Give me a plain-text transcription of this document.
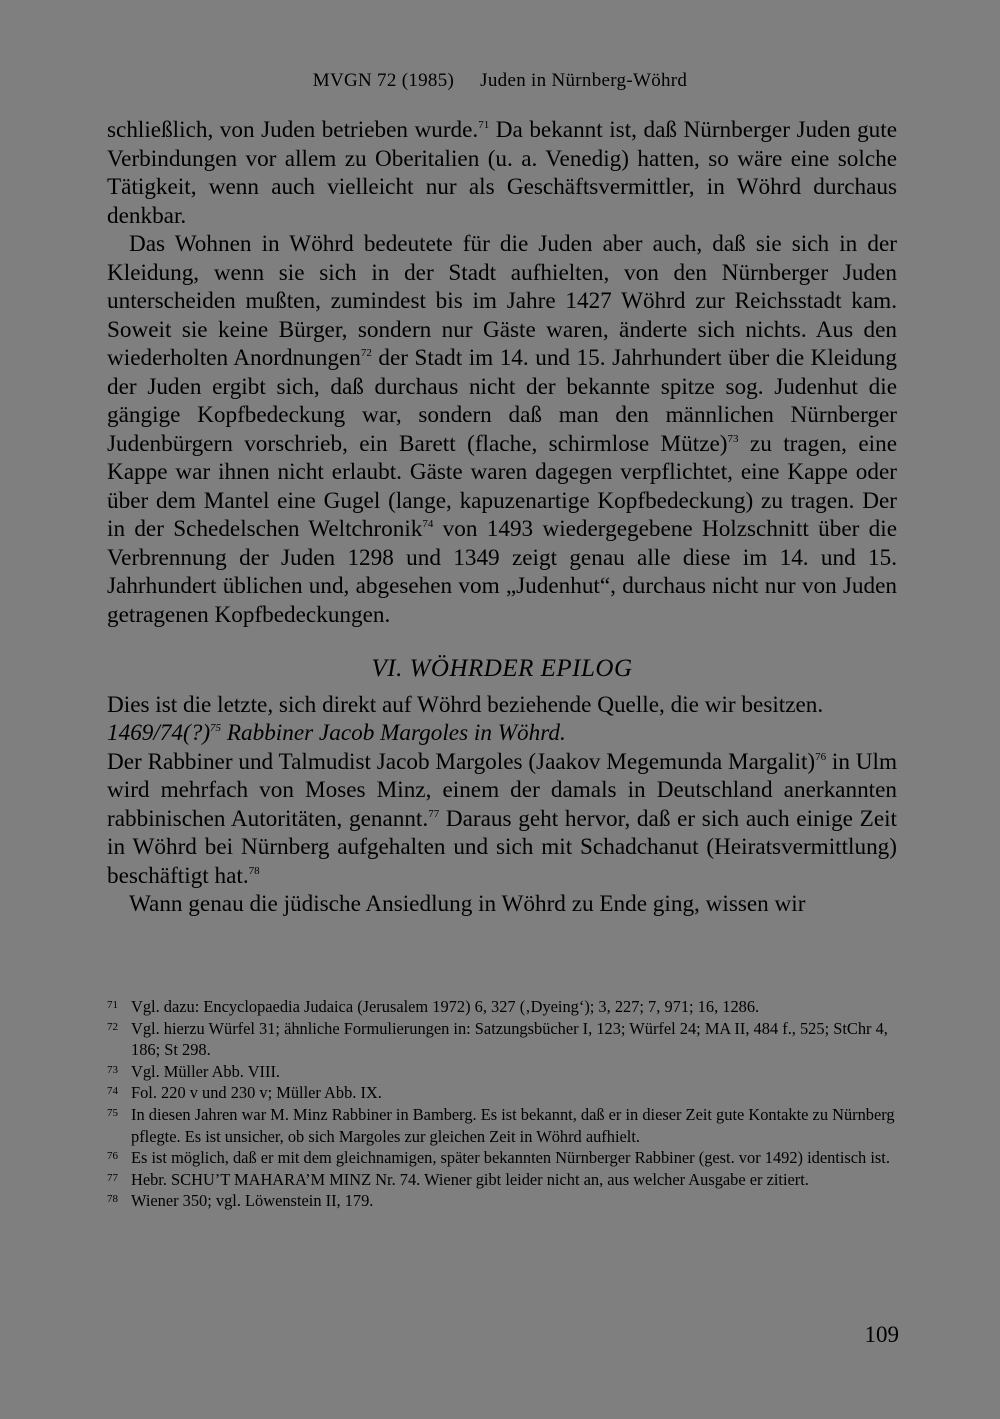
MVGN 72 (1985) Juden in Nürnberg-Wöhrd

schließlich, von Juden betrieben wurde.$^{71}$ Da bekannt ist, daß Nürnberger Juden gute Verbindungen vor allem zu Oberitalien (u. a. Venedig) hatten, so wäre eine solche Tätigkeit, wenn auch vielleicht nur als Geschäftsvermittler, in Wöhrd durchaus denkbar.

Das Wohnen in Wöhrd bedeutete für die Juden aber auch, daß sie sich in der Kleidung, wenn sie sich in der Stadt aufhielten, von den Nürnberger Juden unterscheiden mußten, zumindest bis im Jahre 1427 Wöhrd zur Reichsstadt kam. Soweit sie keine Bürger, sondern nur Gäste waren, änderte sich nichts. Aus den wiederholten Anordnungen$^{72}$ der Stadt im 14. und 15. Jahrhundert über die Kleidung der Juden ergibt sich, daß durchaus nicht der bekannte spitze sog. Judenhut die gängige Kopfbedeckung war, sondern daß man den männlichen Nürnberger Judenbürgern vorschrieb, ein Barett (flache, schirmlose Mütze)$^{73}$ zu tragen, eine Kappe war ihnen nicht erlaubt. Gäste waren dagegen verpflichtet, eine Kappe oder über dem Mantel eine Gugel (lange, kapuzenartige Kopfbedeckung) zu tragen. Der in der Schedelschen Weltchronik$^{74}$ von 1493 wiedergegebene Holzschnitt über die Verbrennung der Juden 1298 und 1349 zeigt genau alle diese im 14. und 15. Jahrhundert üblichen und, abgesehen vom „Judenhut“, durchaus nicht nur von Juden getragenen Kopfbedeckungen.

VI. WÖHRDER EPILOG

Dies ist die letzte, sich direkt auf Wöhrd beziehende Quelle, die wir besitzen.

1469/74(?)$^{75}$ Rabbiner Jacob Margoles in Wöhrd.

Der Rabbiner und Talmudist Jacob Margoles (Jaakov Megemunda Margalit)$^{76}$ in Ulm wird mehrfach von Moses Minz, einem der damals in Deutschland anerkannten rabbinischen Autoritäten, genannt.$^{77}$ Daraus geht hervor, daß er sich auch einige Zeit in Wöhrd bei Nürnberg aufgehalten und sich mit Schadchanut (Heiratsvermittlung) beschäftigt hat.$^{78}$

Wann genau die jüdische Ansiedlung in Wöhrd zu Ende ging, wissen wir

71 Vgl. dazu: Encyclopaedia Judaica (Jerusalem 1972) 6, 327 (‚Dyeing‘); 3, 227; 7, 971; 16, 1286.
72 Vgl. hierzu Würfel 31; ähnliche Formulierungen in: Satzungsbücher I, 123; Würfel 24; MA II, 484 f., 525; StChr 4, 186; St 298.
73 Vgl. Müller Abb. VIII.
74 Fol. 220 v und 230 v; Müller Abb. IX.
75 In diesen Jahren war M. Minz Rabbiner in Bamberg. Es ist bekannt, daß er in dieser Zeit gute Kontakte zu Nürnberg pflegte. Es ist unsicher, ob sich Margoles zur gleichen Zeit in Wöhrd aufhielt.
76 Es ist möglich, daß er mit dem gleichnamigen, später bekannten Nürnberger Rabbiner (gest. vor 1492) identisch ist.
77 Hebr. SCHU’T MAHARA’M MINZ Nr. 74. Wiener gibt leider nicht an, aus welcher Ausgabe er zitiert.
78 Wiener 350; vgl. Löwenstein II, 179.
109
